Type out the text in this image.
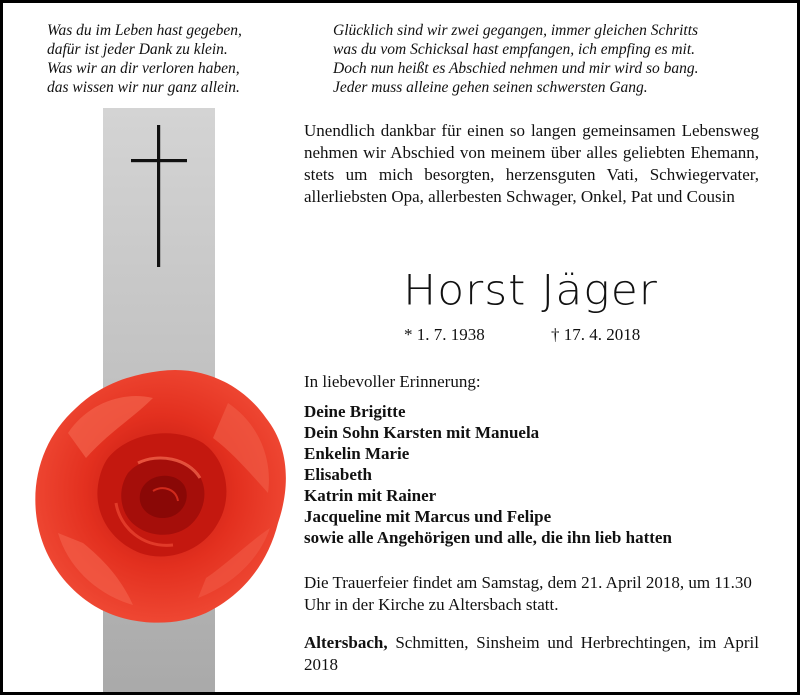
Was du im Leben hast gegeben,
dafür ist jeder Dank zu klein.
Was wir an dir verloren haben,
das wissen wir nur ganz allein.
Glücklich sind wir zwei gegangen, immer gleichen Schritts
was du vom Schicksal hast empfangen, ich empfing es mit.
Doch nun heißt es Abschied nehmen und mir wird so bang.
Jeder muss alleine gehen seinen schwersten Gang.

Unendlich dankbar für einen so langen gemeinsamen Lebensweg nehmen wir Abschied von meinem über alles geliebten Ehemann, stets um mich besorgten, herzensguten Vati, Schwiegervater, allerliebsten Opa, allerbesten Schwager, Onkel, Pat und Cousin

Horst Jäger
* 1. 7. 1938	† 17. 4. 2018
In liebevoller Erinnerung:
Deine Brigitte
Dein Sohn Karsten mit Manuela
Enkelin Marie
Elisabeth
Katrin mit Rainer
Jacqueline mit Marcus und Felipe
sowie alle Angehörigen und alle, die ihn lieb hatten

Die Trauerfeier findet am Samstag, dem 21. April 2018, um 11.30 Uhr in der Kirche zu Altersbach statt.

Altersbach, Schmitten, Sinsheim und Herbrechtingen, im April 2018
